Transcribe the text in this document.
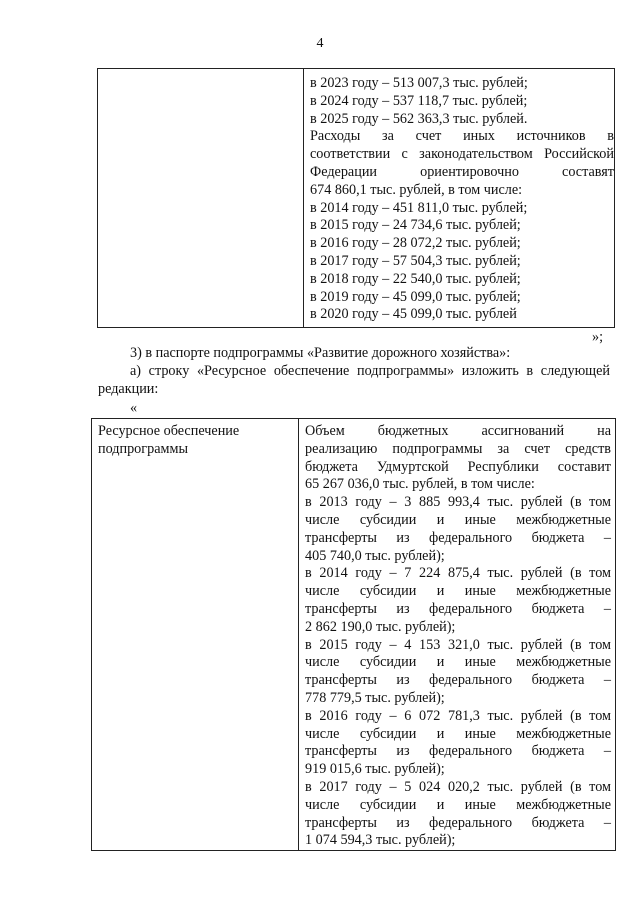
4

в 2023 году – 513 007,3 тыс. рублей;
в 2024 году – 537 118,7 тыс. рублей;
в 2025 году – 562 363,3 тыс. рублей.
Расходы за счет иных источников в
соответствии с законодательством Российской
Федерации ориентировочно составят
674 860,1 тыс. рублей, в том числе:
в 2014 году – 451 811,0 тыс. рублей;
в 2015 году – 24 734,6 тыс. рублей;
в 2016 году – 28 072,2 тыс. рублей;
в 2017 году – 57 504,3 тыс. рублей;
в 2018 году – 22 540,0 тыс. рублей;
в 2019 году – 45 099,0 тыс. рублей;
в 2020 году – 45 099,0 тыс. рублей
»;
3) в паспорте подпрограммы «Развитие дорожного хозяйства»:
а) строку «Ресурсное обеспечение подпрограммы» изложить в следующей
редакции:
«
Ресурсное обеспечение подпрограммы	
Объем бюджетных ассигнований на
реализацию подпрограммы за счет средств
бюджета Удмуртской Республики составит
65 267 036,0 тыс. рублей, в том числе:
в 2013 году – 3 885 993,4 тыс. рублей (в том
числе субсидии и иные межбюджетные
трансферты из федерального бюджета –
405 740,0 тыс. рублей);
в 2014 году – 7 224 875,4 тыс. рублей (в том
числе субсидии и иные межбюджетные
трансферты из федерального бюджета –
2 862 190,0 тыс. рублей);
в 2015 году – 4 153 321,0 тыс. рублей (в том
числе субсидии и иные межбюджетные
трансферты из федерального бюджета –
778 779,5 тыс. рублей);
в 2016 году – 6 072 781,3 тыс. рублей (в том
числе субсидии и иные межбюджетные
трансферты из федерального бюджета –
919 015,6 тыс. рублей);
в 2017 году – 5 024 020,2 тыс. рублей (в том
числе субсидии и иные межбюджетные
трансферты из федерального бюджета –
1 074 594,3 тыс. рублей);
